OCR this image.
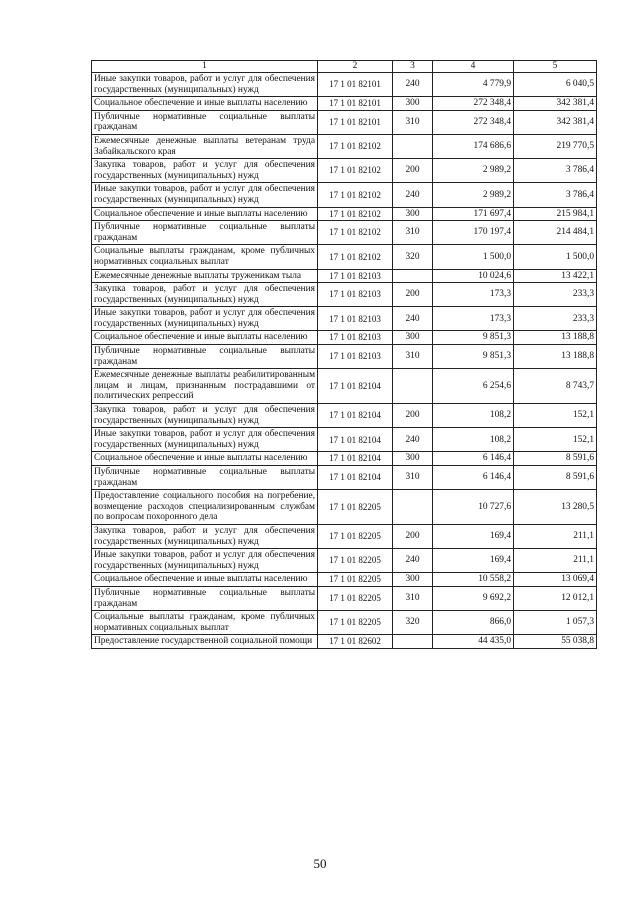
1	2	3	4	5
Иные закупки товаров, работ и услуг для обеспечения государственных (муниципальных) нужд	17 1 01 82101	240	4 779,9	6 040,5
Социальное обеспечение и иные выплаты населению	17 1 01 82101	300	272 348,4	342 381,4
Публичные нормативные социальные выплаты гражданам	17 1 01 82101	310	272 348,4	342 381,4
Ежемесячные денежные выплаты ветеранам труда Забайкальского края	17 1 01 82102		174 686,6	219 770,5
Закупка товаров, работ и услуг для обеспечения государственных (муниципальных) нужд	17 1 01 82102	200	2 989,2	3 786,4
Иные закупки товаров, работ и услуг для обеспечения государственных (муниципальных) нужд	17 1 01 82102	240	2 989,2	3 786,4
Социальное обеспечение и иные выплаты населению	17 1 01 82102	300	171 697,4	215 984,1
Публичные нормативные социальные выплаты гражданам	17 1 01 82102	310	170 197,4	214 484,1
Социальные выплаты гражданам, кроме публичных нормативных социальных выплат	17 1 01 82102	320	1 500,0	1 500,0
Ежемесячные денежные выплаты труженикам тыла	17 1 01 82103		10 024,6	13 422,1
Закупка товаров, работ и услуг для обеспечения государственных (муниципальных) нужд	17 1 01 82103	200	173,3	233,3
Иные закупки товаров, работ и услуг для обеспечения государственных (муниципальных) нужд	17 1 01 82103	240	173,3	233,3
Социальное обеспечение и иные выплаты населению	17 1 01 82103	300	9 851,3	13 188,8
Публичные нормативные социальные выплаты гражданам	17 1 01 82103	310	9 851,3	13 188,8
Ежемесячные денежные выплаты реабилитированным лицам и лицам, признанным пострадавшими от политических репрессий	17 1 01 82104		6 254,6	8 743,7
Закупка товаров, работ и услуг для обеспечения государственных (муниципальных) нужд	17 1 01 82104	200	108,2	152,1
Иные закупки товаров, работ и услуг для обеспечения государственных (муниципальных) нужд	17 1 01 82104	240	108,2	152,1
Социальное обеспечение и иные выплаты населению	17 1 01 82104	300	6 146,4	8 591,6
Публичные нормативные социальные выплаты гражданам	17 1 01 82104	310	6 146,4	8 591,6
Предоставление социального пособия на погребение, возмещение расходов специализированным службам по вопросам похоронного дела	17 1 01 82205		10 727,6	13 280,5
Закупка товаров, работ и услуг для обеспечения государственных (муниципальных) нужд	17 1 01 82205	200	169,4	211,1
Иные закупки товаров, работ и услуг для обеспечения государственных (муниципальных) нужд	17 1 01 82205	240	169,4	211,1
Социальное обеспечение и иные выплаты населению	17 1 01 82205	300	10 558,2	13 069,4
Публичные нормативные социальные выплаты гражданам	17 1 01 82205	310	9 692,2	12 012,1
Социальные выплаты гражданам, кроме публичных нормативных социальных выплат	17 1 01 82205	320	866,0	1 057,3
Предоставление государственной социальной помощи	17 1 01 82602		44 435,0	55 038,8
50
